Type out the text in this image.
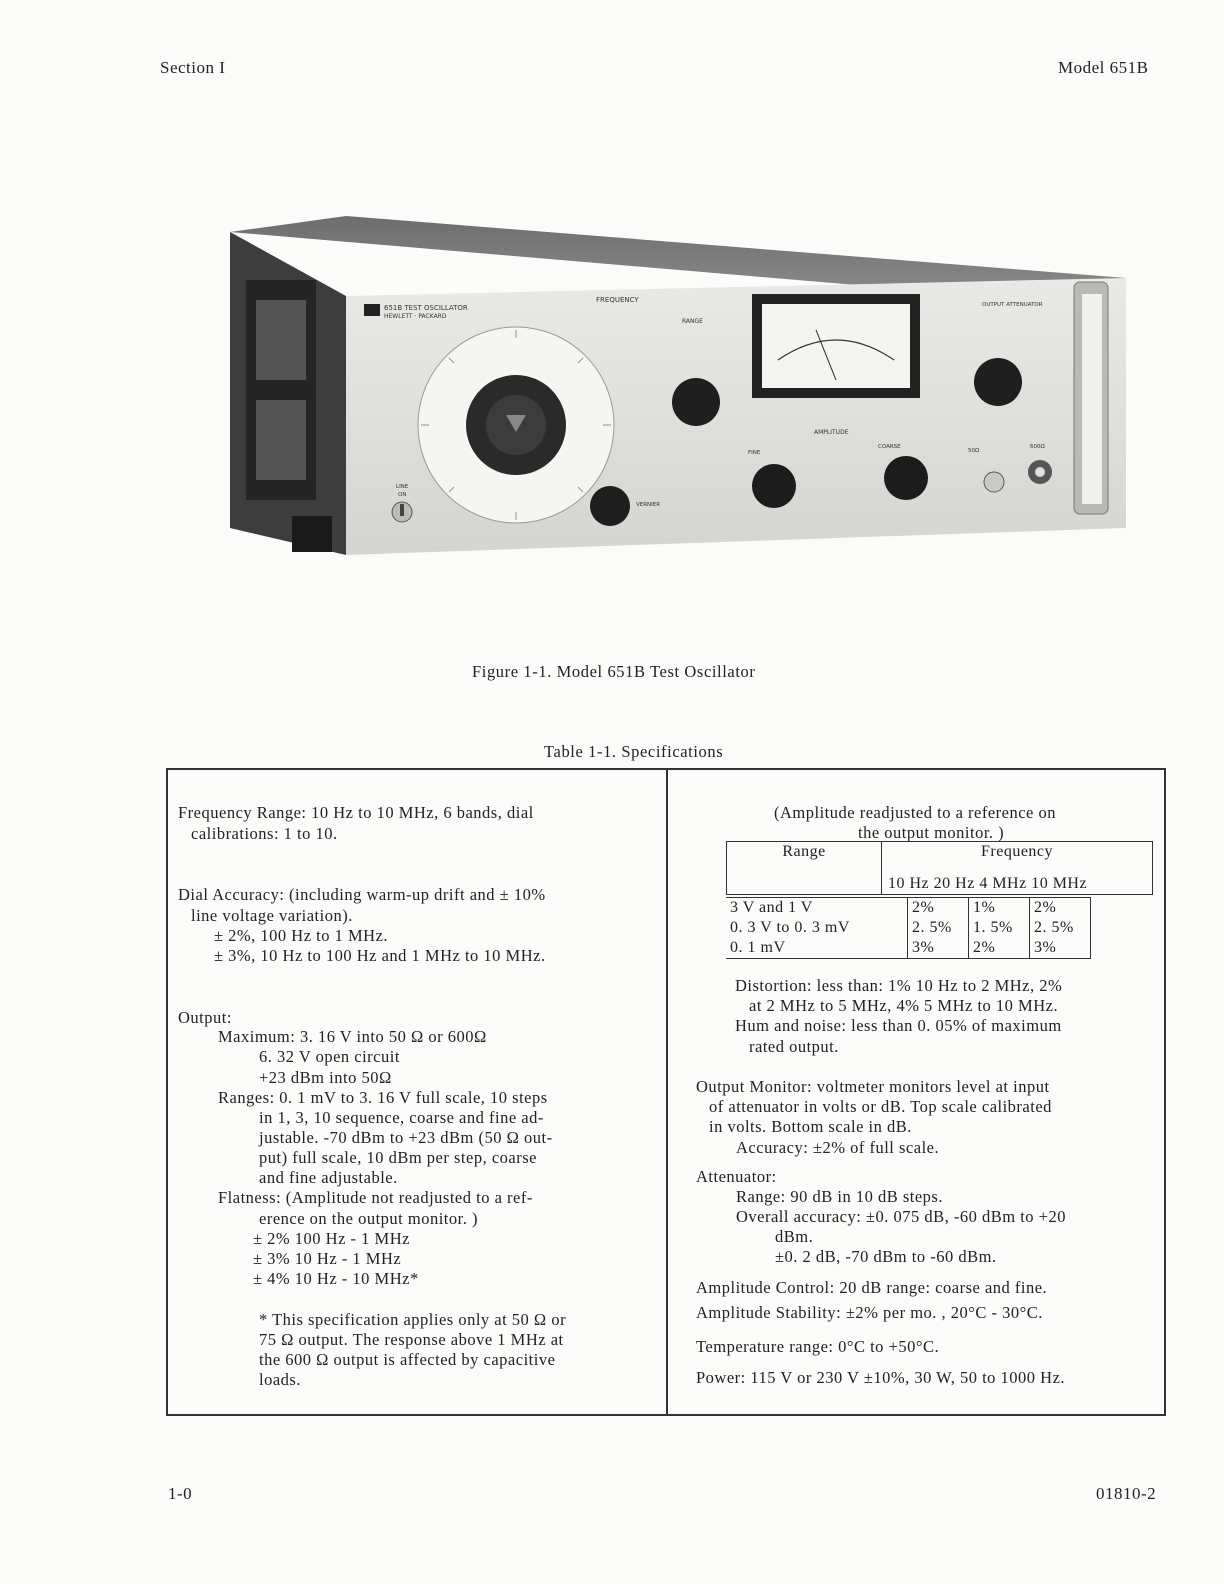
Section I	Model 651B
651B TEST OSCILLATOR
HEWLETT · PACKARD
FREQUENCY
RANGE
VERNIER
OUTPUT ATTENUATOR
AMPLITUDE
FINE
COARSE
50Ω
600Ω
LINE
ON
Figure 1-1. Model 651B Test Oscillator
Table 1-1. Specifications
Frequency Range: 10 Hz to 10 MHz, 6 bands, dial
calibrations: 1 to 10.
Dial Accuracy: (including warm-up drift and ± 10%
line voltage variation).
± 2%, 100 Hz to 1 MHz.
± 3%, 10 Hz to 100 Hz and 1 MHz to 10 MHz.
Output:
Maximum: 3. 16 V into 50 Ω or 600Ω
6. 32 V open circuit
+23 dBm into 50Ω
Ranges: 0. 1 mV to 3. 16 V full scale, 10 steps
in 1, 3, 10 sequence, coarse and fine ad-
justable. -70 dBm to +23 dBm (50 Ω out-
put) full scale, 10 dBm per step, coarse
and fine adjustable.
Flatness: (Amplitude not readjusted to a ref-
erence on the output monitor. )
± 2% 100 Hz - 1 MHz
± 3% 10 Hz - 1 MHz
± 4% 10 Hz - 10 MHz*
* This specification applies only at 50 Ω or
75 Ω output. The response above 1 MHz at
the 600 Ω output is affected by capacitive
loads.
(Amplitude readjusted to a reference on
the output monitor. )
Range	Frequency
10 Hz 20 Hz 4 MHz 10 MHz
3 V and 1 V	2%	1%	2%
0. 3 V to 0. 3 mV	2. 5%	1. 5%	2. 5%
0. 1 mV	3%	2%	3%
Distortion: less than: 1% 10 Hz to 2 MHz, 2%
at 2 MHz to 5 MHz, 4% 5 MHz to 10 MHz.
Hum and noise: less than 0. 05% of maximum
rated output.
Output Monitor: voltmeter monitors level at input
of attenuator in volts or dB. Top scale calibrated
in volts. Bottom scale in dB.
Accuracy: ±2% of full scale.
Attenuator:
Range: 90 dB in 10 dB steps.
Overall accuracy: ±0. 075 dB, -60 dBm to +20
dBm.
±0. 2 dB, -70 dBm to -60 dBm.
Amplitude Control: 20 dB range: coarse and fine.
Amplitude Stability: ±2% per mo. , 20°C - 30°C.
Temperature range: 0°C to +50°C.
Power: 115 V or 230 V ±10%, 30 W, 50 to 1000 Hz.
1-0	01810-2
